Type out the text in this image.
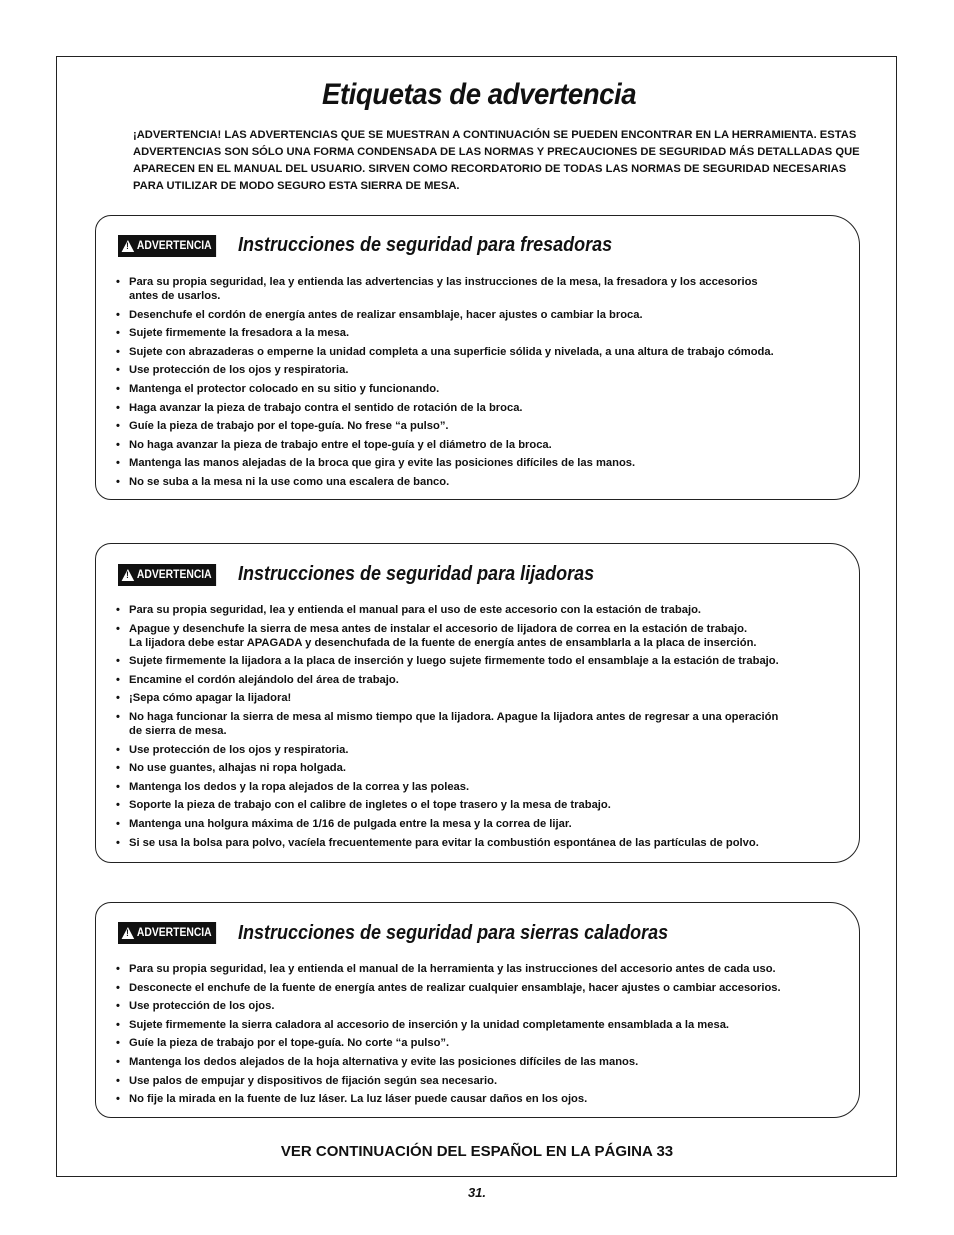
Etiquetas de advertencia

¡ADVERTENCIA! LAS ADVERTENCIAS QUE SE MUESTRAN A CONTINUACIÓN SE PUEDEN ENCONTRAR EN LA HERRAMIENTA. ESTAS
ADVERTENCIAS SON SÓLO UNA FORMA CONDENSADA DE LAS NORMAS Y PRECAUCIONES DE SEGURIDAD MÁS DETALLADAS QUE
APARECEN EN EL MANUAL DEL USUARIO. SIRVEN COMO RECORDATORIO DE TODAS LAS NORMAS DE SEGURIDAD NECESARIAS
PARA UTILIZAR DE MODO SEGURO ESTA SIERRA DE MESA.

!
ADVERTENCIA Instrucciones de seguridad para fresadoras
• Para su propia seguridad, lea y entienda las advertencias y las instrucciones de la mesa, la fresadora y los accesorios
antes de usarlos.
• Desenchufe el cordón de energía antes de realizar ensamblaje, hacer ajustes o cambiar la broca.
• Sujete firmemente la fresadora a la mesa.
• Sujete con abrazaderas o emperne la unidad completa a una superficie sólida y nivelada, a una altura de trabajo cómoda.
• Use protección de los ojos y respiratoria.
• Mantenga el protector colocado en su sitio y funcionando.
• Haga avanzar la pieza de trabajo contra el sentido de rotación de la broca.
• Guíe la pieza de trabajo por el tope-guía. No frese “a pulso”.
• No haga avanzar la pieza de trabajo entre el tope-guía y el diámetro de la broca.
• Mantenga las manos alejadas de la broca que gira y evite las posiciones difíciles de las manos.
• No se suba a la mesa ni la use como una escalera de banco.
!
ADVERTENCIA Instrucciones de seguridad para lijadoras
• Para su propia seguridad, lea y entienda el manual para el uso de este accesorio con la estación de trabajo.
• Apague y desenchufe la sierra de mesa antes de instalar el accesorio de lijadora de correa en la estación de trabajo.
La lijadora debe estar APAGADA y desenchufada de la fuente de energía antes de ensamblarla a la placa de inserción.
• Sujete firmemente la lijadora a la placa de inserción y luego sujete firmemente todo el ensamblaje a la estación de trabajo.
• Encamine el cordón alejándolo del área de trabajo.
• ¡Sepa cómo apagar la lijadora!
• No haga funcionar la sierra de mesa al mismo tiempo que la lijadora. Apague la lijadora antes de regresar a una operación
de sierra de mesa.
• Use protección de los ojos y respiratoria.
• No use guantes, alhajas ni ropa holgada.
• Mantenga los dedos y la ropa alejados de la correa y las poleas.
• Soporte la pieza de trabajo con el calibre de ingletes o el tope trasero y la mesa de trabajo.
• Mantenga una holgura máxima de 1/16 de pulgada entre la mesa y la correa de lijar.
• Si se usa la bolsa para polvo, vacíela frecuentemente para evitar la combustión espontánea de las partículas de polvo.
!
ADVERTENCIA Instrucciones de seguridad para sierras caladoras
• Para su propia seguridad, lea y entienda el manual de la herramienta y las instrucciones del accesorio antes de cada uso.
• Desconecte el enchufe de la fuente de energía antes de realizar cualquier ensamblaje, hacer ajustes o cambiar accesorios.
• Use protección de los ojos.
• Sujete firmemente la sierra caladora al accesorio de inserción y la unidad completamente ensamblada a la mesa.
• Guíe la pieza de trabajo por el tope-guía. No corte “a pulso”.
• Mantenga los dedos alejados de la hoja alternativa y evite las posiciones difíciles de las manos.
• Use palos de empujar y dispositivos de fijación según sea necesario.
• No fije la mirada en la fuente de luz láser. La luz láser puede causar daños en los ojos.
VER CONTINUACIÓN DEL ESPAÑOL EN LA PÁGINA 33
31.
